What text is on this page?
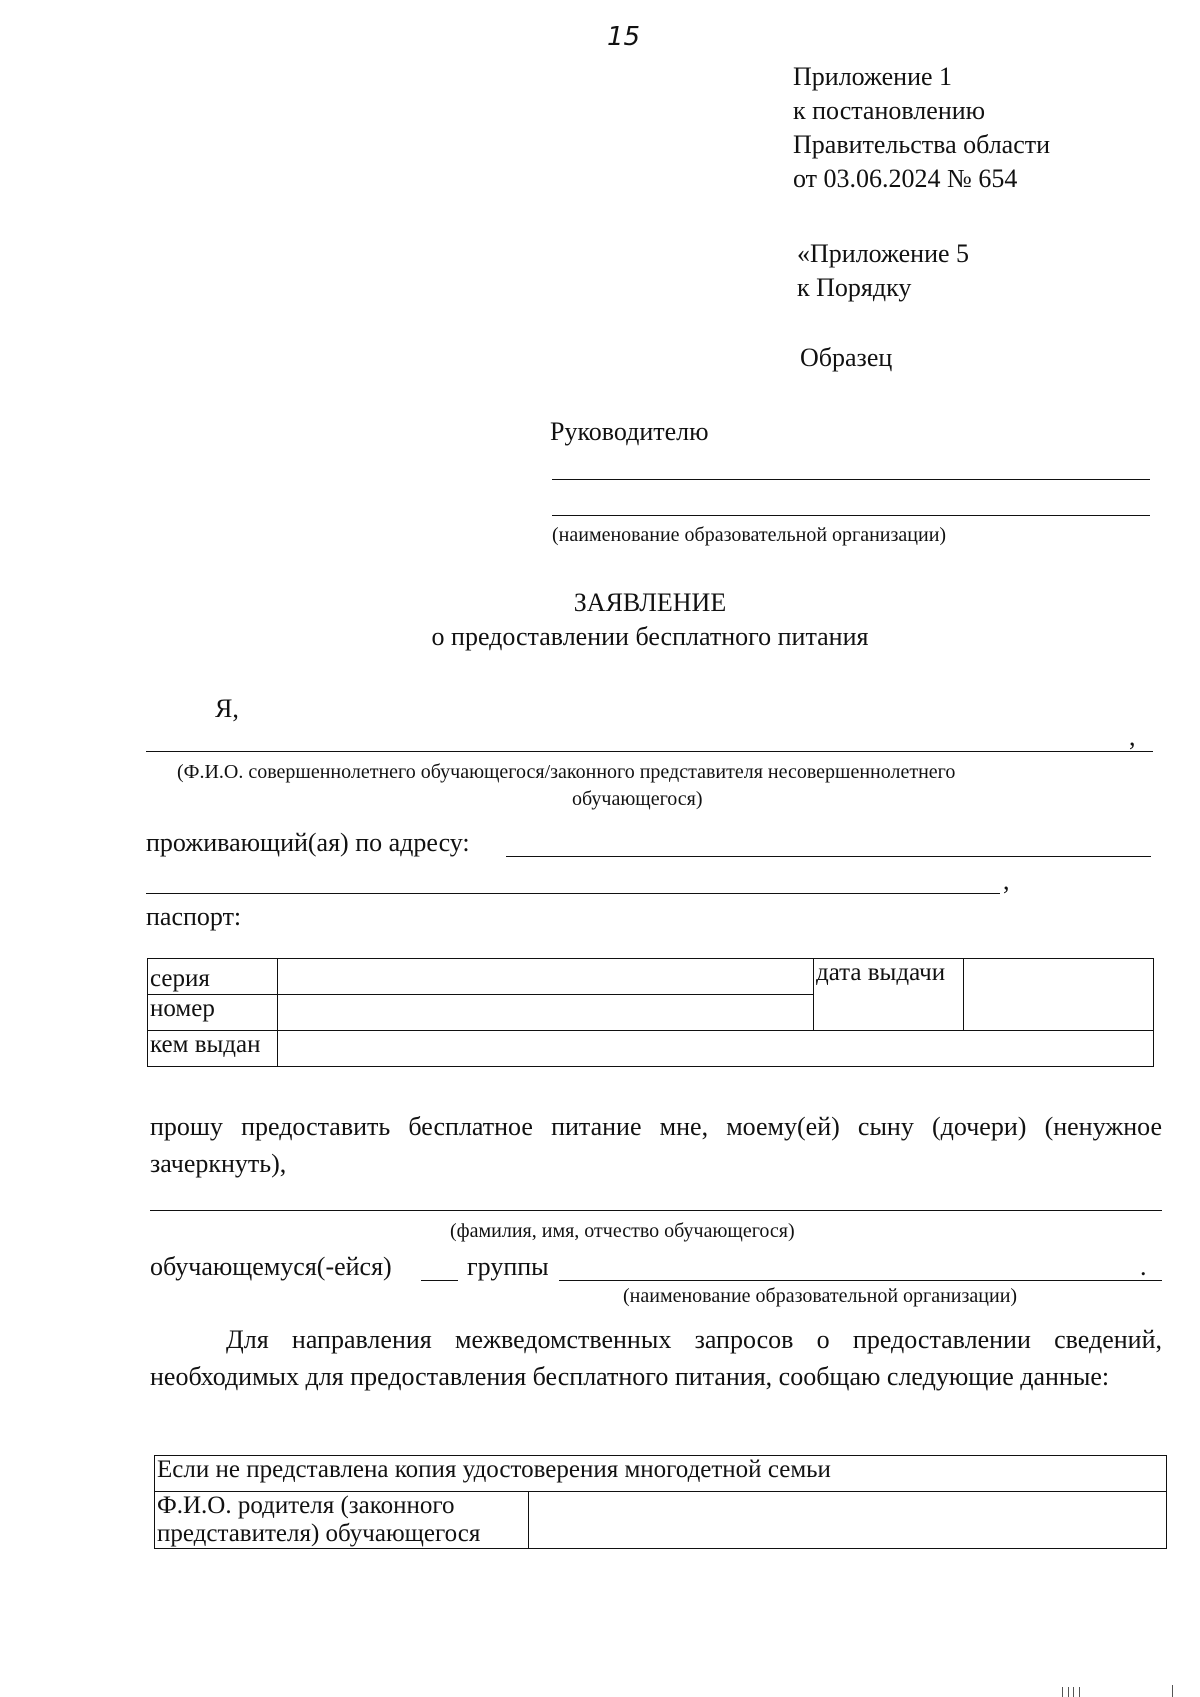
15
Приложение 1
к постановлению
Правительства области
от 03.06.2024 № 654
«Приложение 5
к Порядку
Образец
Руководителю
(наименование образовательной организации)
ЗАЯВЛЕНИЕ
о предоставлении бесплатного питания
Я,
,
(Ф.И.О. совершеннолетнего обучающегося/законного представителя несовершеннолетнего
обучающегося)
проживающий(ая) по адресу:
,
паспорт:
серия		дата выдачи	
номер			
кем выдан			
прошу предоставить бесплатное питание мне, моему(ей) сыну (дочери) (ненужное зачеркнуть),
(фамилия, имя, отчество обучающегося)
обучающемуся(-ейся)	группы	.
(наименование образовательной организации)
Для направления межведомственных запросов о предоставлении сведений, необходимых для предоставления бесплатного питания, сообщаю следующие данные:
Если не представлена копия удостоверения многодетной семьи

Ф.И.О. родителя (законного
представителя) обучающегося
